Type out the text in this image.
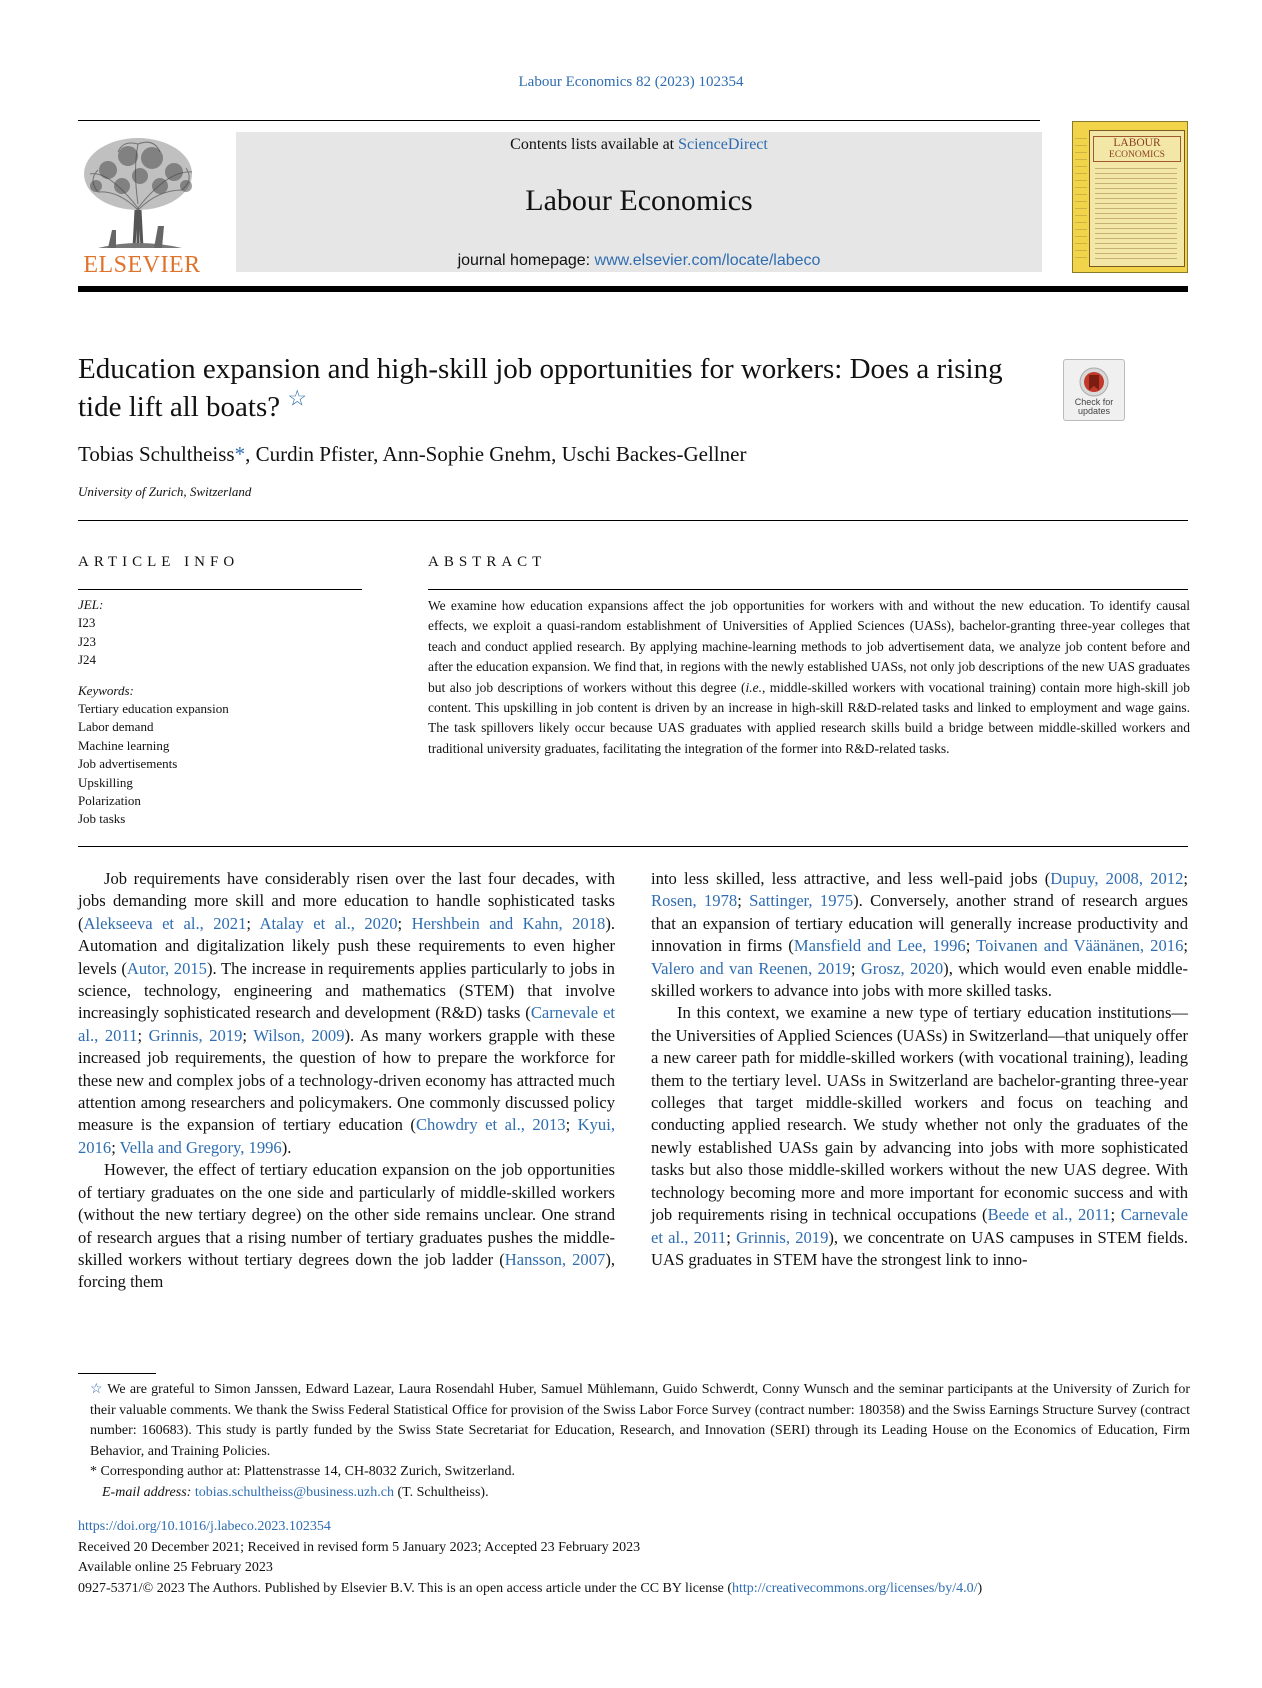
Labour Economics 82 (2023) 102354
ELSEVIER
Contents lists available at ScienceDirect
Labour Economics
journal homepage: www.elsevier.com/locate/labeco
LABOUR
ECONOMICS
Education expansion and high-skill job opportunities for workers: Does a rising tide lift all boats? ☆	Check for
updates
Tobias Schultheiss*, Curdin Pfister, Ann-Sophie Gnehm, Uschi Backes-Gellner
University of Zurich, Switzerland
ARTICLE INFO	ABSTRACT
JEL:
I23
J23
J24
Keywords:
Tertiary education expansion
Labor demand
Machine learning
Job advertisements
Upskilling
Polarization
Job tasks
We examine how education expansions affect the job opportunities for workers with and without the new education. To identify causal effects, we exploit a quasi-random establishment of Universities of Applied Sciences (UASs), bachelor-granting three-year colleges that teach and conduct applied research. By applying machine-learning methods to job advertisement data, we analyze job content before and after the education expansion. We find that, in regions with the newly established UASs, not only job descriptions of the new UAS graduates but also job descriptions of workers without this degree (i.e., middle-skilled workers with vocational training) contain more high-skill job content. This upskilling in job content is driven by an increase in high-skill R&D-related tasks and linked to employment and wage gains. The task spillovers likely occur because UAS graduates with applied research skills build a bridge between middle-skilled workers and traditional university graduates, facilitating the integration of the former into R&D-related tasks.

Job requirements have considerably risen over the last four decades, with jobs demanding more skill and more education to handle sophisticated tasks (Alekseeva et al., 2021; Atalay et al., 2020; Hershbein and Kahn, 2018). Automation and digitalization likely push these requirements to even higher levels (Autor, 2015). The increase in requirements applies particularly to jobs in science, technology, engineering and mathematics (STEM) that involve increasingly sophisticated research and development (R&D) tasks (Carnevale et al., 2011; Grinnis, 2019; Wilson, 2009). As many workers grapple with these increased job requirements, the question of how to prepare the workforce for these new and complex jobs of a technology-driven economy has attracted much attention among researchers and policymakers. One commonly discussed policy measure is the expansion of tertiary education (Chowdry et al., 2013; Kyui, 2016; Vella and Gregory, 1996).

However, the effect of tertiary education expansion on the job opportunities of tertiary graduates on the one side and particularly of middle-skilled workers (without the new tertiary degree) on the other side remains unclear. One strand of research argues that a rising number of tertiary graduates pushes the middle-skilled workers without tertiary degrees down the job ladder (Hansson, 2007), forcing them

into less skilled, less attractive, and less well-paid jobs (Dupuy, 2008, 2012; Rosen, 1978; Sattinger, 1975). Conversely, another strand of research argues that an expansion of tertiary education will generally increase productivity and innovation in firms (Mansfield and Lee, 1996; Toivanen and Väänänen, 2016; Valero and van Reenen, 2019; Grosz, 2020), which would even enable middle-skilled workers to advance into jobs with more skilled tasks.

In this context, we examine a new type of tertiary education institutions—the Universities of Applied Sciences (UASs) in Switzerland—that uniquely offer a new career path for middle-skilled workers (with vocational training), leading them to the tertiary level. UASs in Switzerland are bachelor-granting three-year colleges that target middle-skilled workers and focus on teaching and conducting applied research. We study whether not only the graduates of the newly established UASs gain by advancing into jobs with more sophisticated tasks but also those middle-skilled workers without the new UAS degree. With technology becoming more and more important for economic success and with job requirements rising in technical occupations (Beede et al., 2011; Carnevale et al., 2011; Grinnis, 2019), we concentrate on UAS campuses in STEM fields. UAS graduates in STEM have the strongest link to inno-

☆ We are grateful to Simon Janssen, Edward Lazear, Laura Rosendahl Huber, Samuel Mühlemann, Guido Schwerdt, Conny Wunsch and the seminar participants at the University of Zurich for their valuable comments. We thank the Swiss Federal Statistical Office for provision of the Swiss Labor Force Survey (contract number: 180358) and the Swiss Earnings Structure Survey (contract number: 160683). This study is partly funded by the Swiss State Secretariat for Education, Research, and Innovation (SERI) through its Leading House on the Economics of Education, Firm Behavior, and Training Policies.

* Corresponding author at: Plattenstrasse 14, CH-8032 Zurich, Switzerland.

E-mail address: tobias.schultheiss@business.uzh.ch (T. Schultheiss).

https://doi.org/10.1016/j.labeco.2023.102354
Received 20 December 2021; Received in revised form 5 January 2023; Accepted 23 February 2023
Available online 25 February 2023
0927-5371/© 2023 The Authors. Published by Elsevier B.V. This is an open access article under the CC BY license (http://creativecommons.org/licenses/by/4.0/)
